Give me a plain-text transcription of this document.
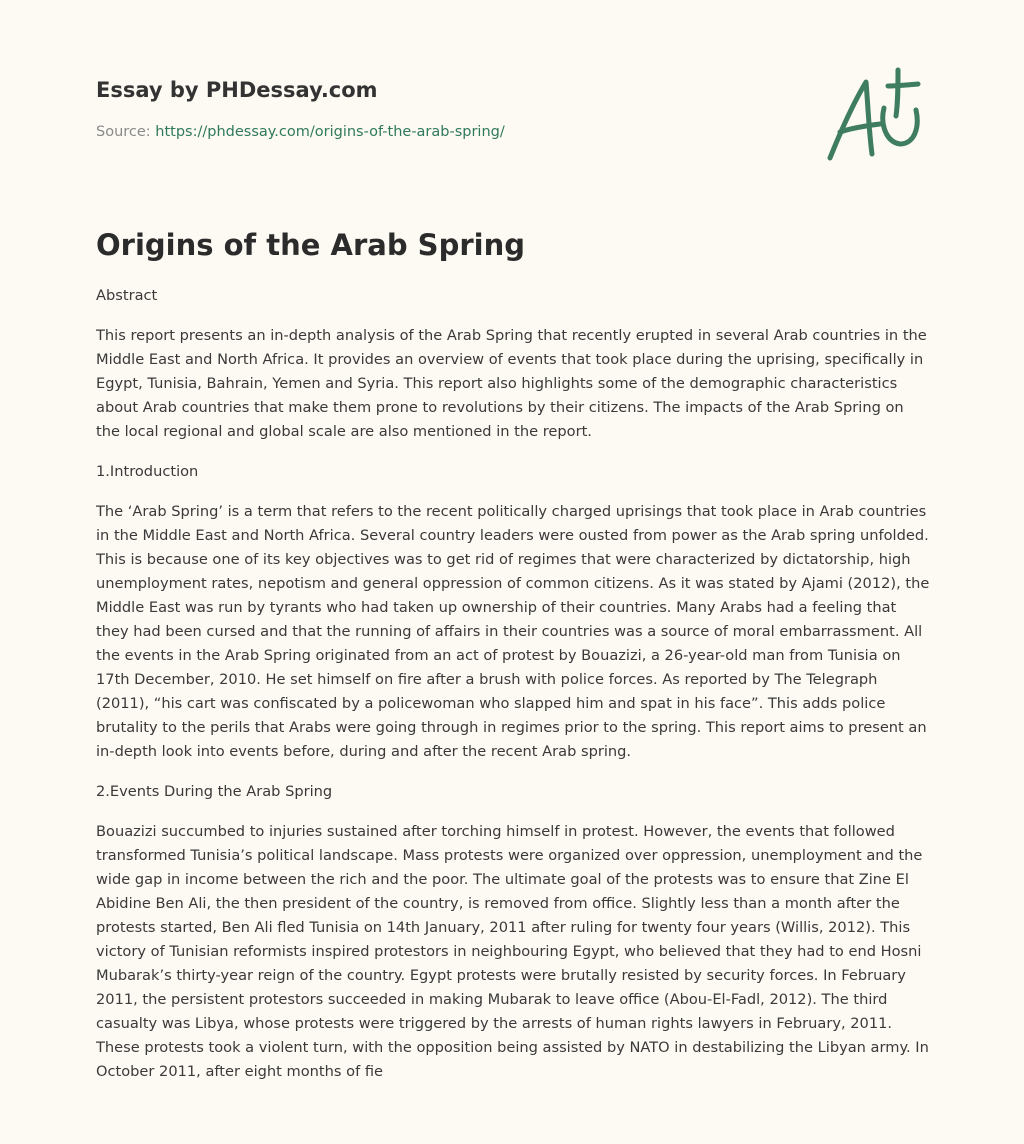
Essay by PHDessay.com
Source: https://phdessay.com/origins-of-the-arab-spring/
Origins of the Arab Spring

Abstract

This report presents an in-depth analysis of the Arab Spring that recently erupted in several Arab countries in the Middle East and North Africa. It provides an overview of events that took place during the uprising, specifically in Egypt, Tunisia, Bahrain, Yemen and Syria. This report also highlights some of the demographic characteristics about Arab countries that make them prone to revolutions by their citizens. The impacts of the Arab Spring on the local regional and global scale are also mentioned in the report.

1.Introduction

The ‘Arab Spring’ is a term that refers to the recent politically charged uprisings that took place in Arab countries in the Middle East and North Africa. Several country leaders were ousted from power as the Arab spring unfolded. This is because one of its key objectives was to get rid of regimes that were characterized by dictatorship, high unemployment rates, nepotism and general oppression of common citizens. As it was stated by Ajami (2012), the Middle East was run by tyrants who had taken up ownership of their countries. Many Arabs had a feeling that they had been cursed and that the running of affairs in their countries was a source of moral embarrassment. All the events in the Arab Spring originated from an act of protest by Bouazizi, a 26-year-old man from Tunisia on 17th December, 2010. He set himself on fire after a brush with police forces. As reported by The Telegraph (2011), “his cart was confiscated by a policewoman who slapped him and spat in his face”. This adds police brutality to the perils that Arabs were going through in regimes prior to the spring. This report aims to present an in-depth look into events before, during and after the recent Arab spring.

2.Events During the Arab Spring

Bouazizi succumbed to injuries sustained after torching himself in protest. However, the events that followed transformed Tunisia’s political landscape. Mass protests were organized over oppression, unemployment and the wide gap in income between the rich and the poor. The ultimate goal of the protests was to ensure that Zine El Abidine Ben Ali, the then president of the country, is removed from office. Slightly less than a month after the protests started, Ben Ali fled Tunisia on 14th January, 2011 after ruling for twenty four years (Willis, 2012). This victory of Tunisian reformists inspired protestors in neighbouring Egypt, who believed that they had to end Hosni Mubarak’s thirty-year reign of the country. Egypt protests were brutally resisted by security forces. In February 2011, the persistent protestors succeeded in making Mubarak to leave office (Abou-El-Fadl, 2012). The third casualty was Libya, whose protests were triggered by the arrests of human rights lawyers in February, 2011. These protests took a violent turn, with the opposition being assisted by NATO in destabilizing the Libyan army. In October 2011, after eight months of fie
